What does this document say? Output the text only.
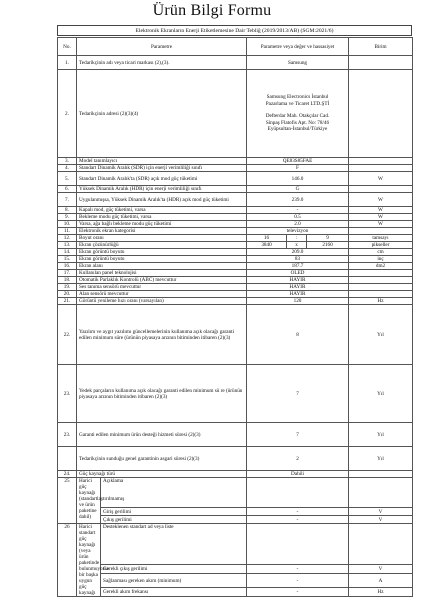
Ürün Bilgi Formu
Elektronik Ekranların Enerji Etiketlemesine Dair Tebliğ (2019/2013/AB) (SGM:2021/6)
No.	Parametre		Parametre veya değer ve hassasiyet			Birim
1.	Tedarikçinin adı veya ticari markası (2),(3).		Samsung			
2.	Tedarikçinin adresi (2)(3)(4)		Samsung Electronics İstanbul
Pazarlama ve Ticaret LTD.ŞTİ
Defterdar Mah. Otakçılar Cad.
Sinpaş Flatofis Apt. No: 78/46
Eyüpsultan-İstanbul/Türkiye			

3.	Model tanımlayıcı		QE83S85FAE			
4.	Standart Dinamik Aralık (SDR) için enerji verimliliği sınıfı		F			
5.	Standart Dinamik Aralık'ta (SDR) açık mod güç tüketimi		146.0			W
6.	Yüksek Dinamik Aralık (HDR) için enerji verimliliği sınıfı		G			
7.	Uygulanmışsa, Yüksek Dinamik Aralık'ta (HDR) açık mod güç tüketimi		239.0			W
8.	Kapalı mod, güç tüketimi, varsa		-			W
9.	Bekleme modu güç tüketimi, varsa		0.5			W
10.	Varsa, ağa bağlı bekleme modu güç tüketimi		2.0			W
11.	Elektronik ekran kategorisi		televizyon			
12.	Boyut oranı		16	:	9	tamsayı
13.	Ekran çözünürlüğü		3840	x	2160	pikseller
14.	Ekran görüntü boyutu		209.0			cm
15.	Ekran görüntü boyutu		83			inç
16.	Ekran alanı		187.7			dm2
17.	Kullanılan panel teknolojisi		OLED			
18.	Otomatik Parlaklık Kontrolü (ABC) mevcuttur		HAYIR			
19.	Ses tanıma sensörü mevcuttur		HAYIR			
20.	Alan sensörü mevcuttur		HAYIR			
21.	Görüntü yenileme hızı oranı (varsayılan)		120			Hz
22.	Yazılım ve aygıt yazılımı güncellemelerinin kullanıma açık olacağı garanti edilen minimum süre (ürünün piyasaya arzının bitiminden itibaren (2)(3)		8			Yıl
23.	Yedek parçaların kullanıma açık olacağı garanti edilen minimum sü re (ürünün piyasaya arzının bitiminden itibaren (2)(3)		7			Yıl
23.	Garanti edilen minimum ürün desteği hizmeti süresi (2)(3)		7			Yıl
	Tedarikçinin sunduğu genel garantinin asgari süresi (2)(3)		2			Yıl
24.	Güç kaynağı türü		Dahili			
25	Harici güç kaynağı (standartlaştırılmamış ve ürün paketine dahil)	Açıklama				
		Giriş gerilimi	-			V
		Çıkış gerilimi	-			V
26	Harici standart güç kaynağı (veya ürün paketinde bulunmuyorsa bir başka uygun güç kaynağı	Desteklenen standart ad veya liste				
		Gerekli çıkış gerilimi	-			V
		Sağlanması gereken akım (minimum)	-			A
		Gerekli akım frekansı	-			Hz
